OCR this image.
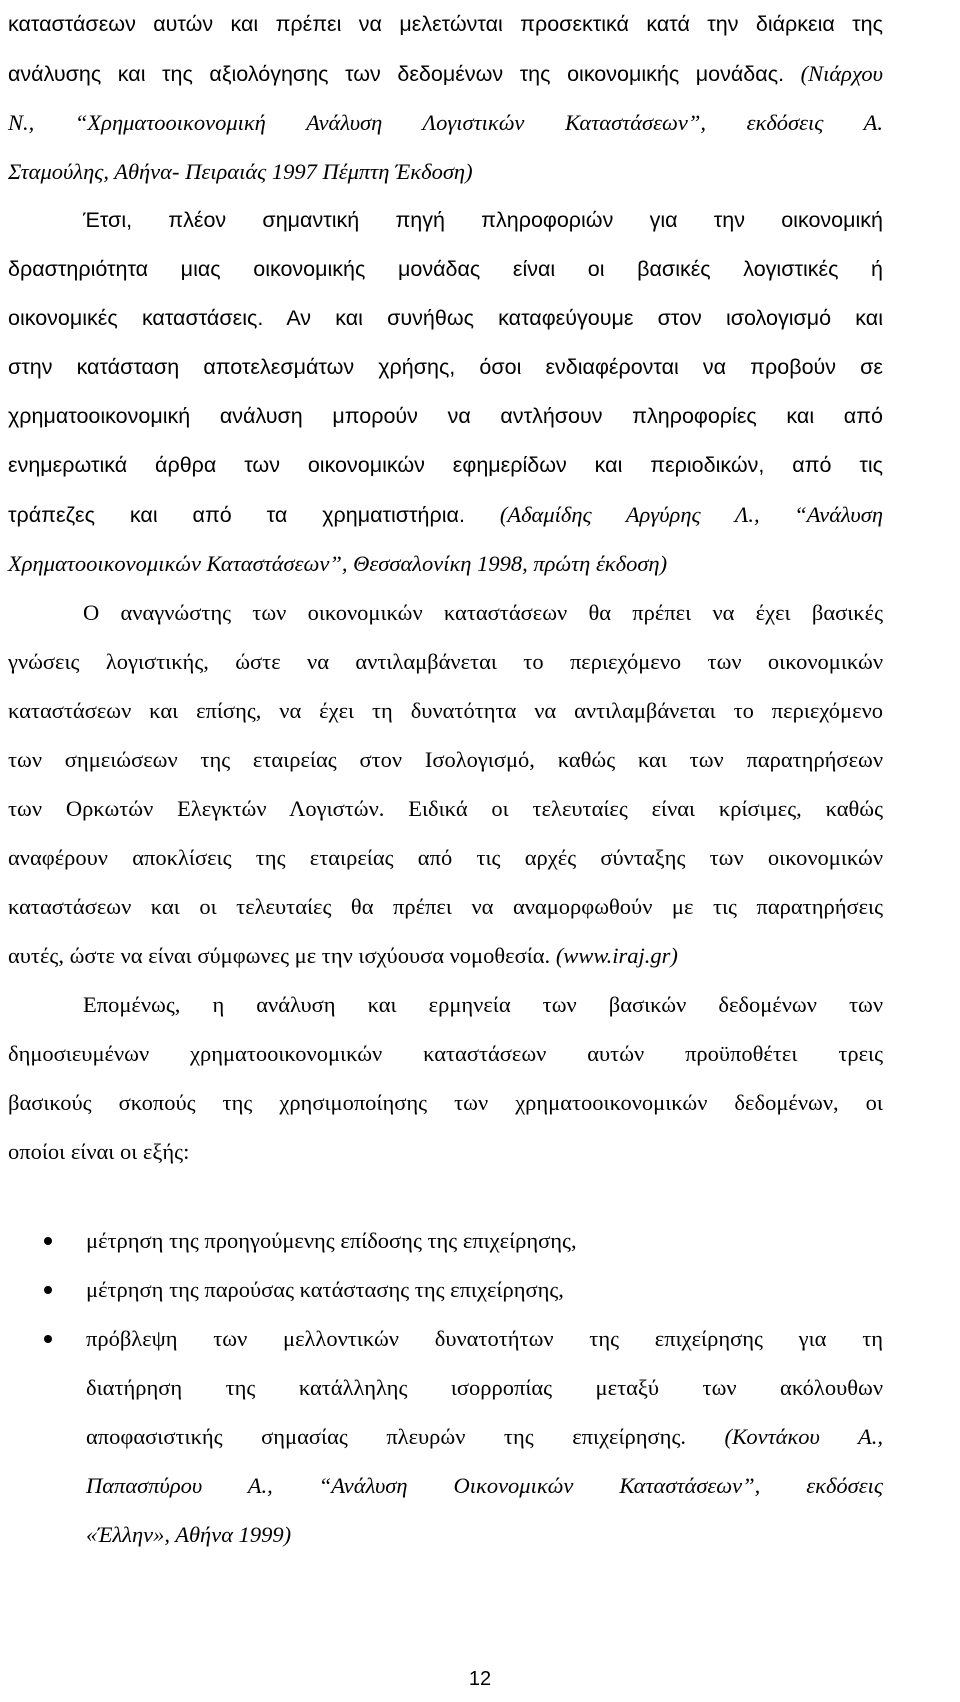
καταστάσεων αυτών και πρέπει να μελετώνται προσεκτικά κατά την διάρκεια της
ανάλυσης και της αξιολόγησης των δεδομένων της οικονομικής μονάδας. (Νιάρχου
Ν., “Χρηματοοικονομική Ανάλυση Λογιστικών Καταστάσεων”, εκδόσεις Α.
Σταμούλης, Αθήνα- Πειραιάς 1997 Πέμπτη Έκδοση)
Έτσι, πλέον σημαντική πηγή πληροφοριών για την οικονομική
δραστηριότητα μιας οικονομικής μονάδας είναι οι βασικές λογιστικές ή
οικονομικές καταστάσεις. Αν και συνήθως καταφεύγουμε στον ισολογισμό και
στην κατάσταση αποτελεσμάτων χρήσης, όσοι ενδιαφέρονται να προβούν σε
χρηματοοικονομική ανάλυση μπορούν να αντλήσουν πληροφορίες και από
ενημερωτικά άρθρα των οικονομικών εφημερίδων και περιοδικών, από τις
τράπεζες και από τα χρηματιστήρια. (Αδαμίδης Αργύρης Λ., “Ανάλυση
Χρηματοοικονομικών Καταστάσεων”, Θεσσαλονίκη 1998, πρώτη έκδοση)
Ο αναγνώστης των οικονομικών καταστάσεων θα πρέπει να έχει βασικές
γνώσεις λογιστικής, ώστε να αντιλαμβάνεται το περιεχόμενο των οικονομικών
καταστάσεων και επίσης, να έχει τη δυνατότητα να αντιλαμβάνεται το περιεχόμενο
των σημειώσεων της εταιρείας στον Ισολογισμό, καθώς και των παρατηρήσεων
των Ορκωτών Ελεγκτών Λογιστών. Ειδικά οι τελευταίες είναι κρίσιμες, καθώς
αναφέρουν αποκλίσεις της εταιρείας από τις αρχές σύνταξης των οικονομικών
καταστάσεων και οι τελευταίες θα πρέπει να αναμορφωθούν με τις παρατηρήσεις
αυτές, ώστε να είναι σύμφωνες με την ισχύουσα νομοθεσία. (www.iraj.gr)
Επομένως, η ανάλυση και ερμηνεία των βασικών δεδομένων των
δημοσιευμένων χρηματοοικονομικών καταστάσεων αυτών προϋποθέτει τρεις
βασικούς σκοπούς της χρησιμοποίησης των χρηματοοικονομικών δεδομένων, οι
οποίοι είναι οι εξής:
μέτρηση της προηγούμενης επίδοσης της επιχείρησης,
μέτρηση της παρούσας κατάστασης της επιχείρησης,
πρόβλεψη των μελλοντικών δυνατοτήτων της επιχείρησης για τη
διατήρηση της κατάλληλης ισορροπίας μεταξύ των ακόλουθων
αποφασιστικής σημασίας πλευρών της επιχείρησης. (Κοντάκου Α.,
Παπασπύρου Α., “Ανάλυση Οικονομικών Καταστάσεων”, εκδόσεις
«Έλλην», Αθήνα 1999)
12
